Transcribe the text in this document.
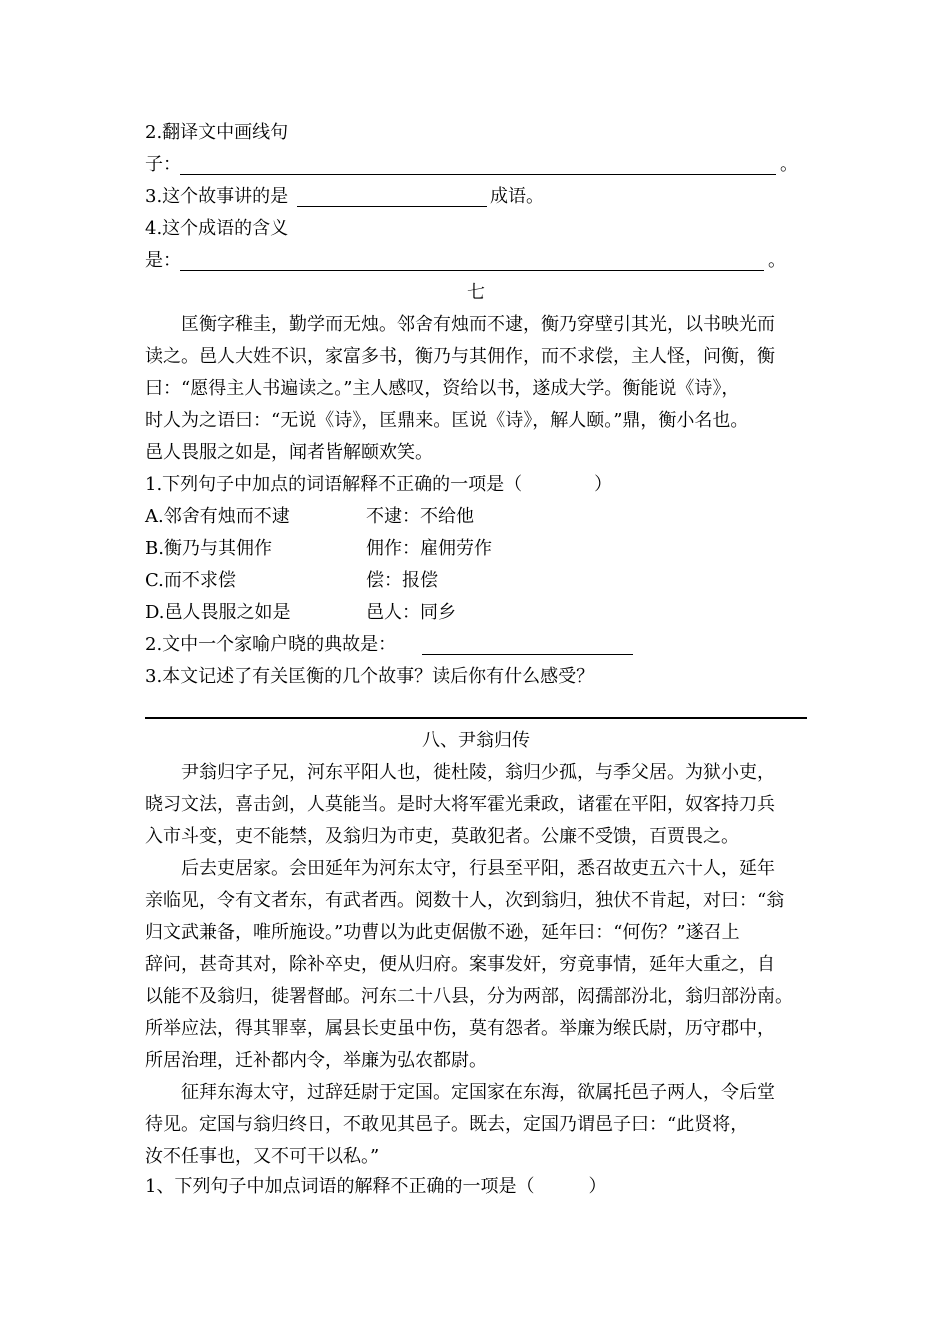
2.翻译文中画线句
子：	。
3.这个故事讲的是	成语。
4.这个成语的含义
是：	。
七
匡衡字稚圭，勤学而无烛。邻舍有烛而不逮，衡乃穿壁引其光，以书映光而
读之。邑人大姓不识，家富多书，衡乃与其佣作，而不求偿，主人怪，问衡，衡
曰：“愿得主人书遍读之。”主人感叹，资给以书，遂成大学。衡能说《诗》，
时人为之语曰：“无说《诗》，匡鼎来。匡说《诗》，解人颐。”鼎，衡小名也。
邑人畏服之如是，闻者皆解颐欢笑。
1.下列句子中加点的词语解释不正确的一项是（　　　　）
A.邻舍有烛而不逮	不逮：不给他
B.衡乃与其佣作	佣作：雇佣劳作
C.而不求偿	偿：报偿
D.邑人畏服之如是	邑人：同乡
2.文中一个家喻户晓的典故是：
3.本文记述了有关匡衡的几个故事？读后你有什么感受？
八、尹翁归传
尹翁归字子兄，河东平阳人也，徙杜陵，翁归少孤，与季父居。为狱小吏，
晓习文法，喜击剑，人莫能当。是时大将军霍光秉政，诸霍在平阳，奴客持刀兵
入市斗变，吏不能禁，及翁归为市吏，莫敢犯者。公廉不受馈，百贾畏之。
后去吏居家。会田延年为河东太守，行县至平阳，悉召故吏五六十人，延年
亲临见，令有文者东，有武者西。阅数十人，次到翁归，独伏不肯起，对曰：“翁
归文武兼备，唯所施设。”功曹以为此吏倨傲不逊，延年曰：“何伤？”遂召上
辞问，甚奇其对，除补卒史，便从归府。案事发奸，穷竟事情，延年大重之，自
以能不及翁归，徙署督邮。河东二十八县，分为两部，闳孺部汾北，翁归部汾南。
所举应法，得其罪辜，属县长吏虽中伤，莫有怨者。举廉为缑氏尉，历守郡中，
所居治理，迁补都内令，举廉为弘农都尉。
征拜东海太守，过辞廷尉于定国。定国家在东海，欲属托邑子两人，令后堂
待见。定国与翁归终日，不敢见其邑子。既去，定国乃谓邑子曰：“此贤将，
汝不任事也，又不可干以私。”
1、下列句子中加点词语的解释不正确的一项是（　　　）
